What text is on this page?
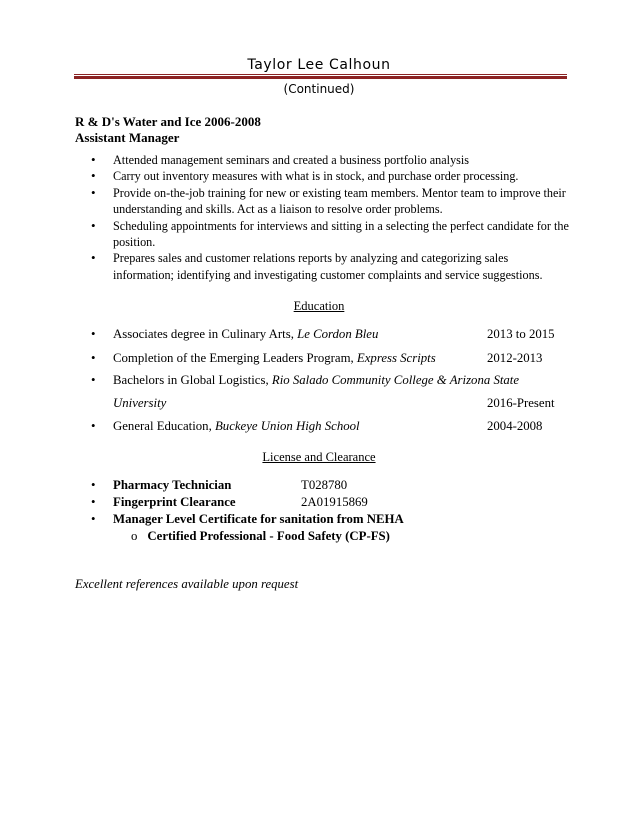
Taylor Lee Calhoun
(Continued)
R & D's Water and Ice 2006-2008
Assistant Manager
• Attended management seminars and created a business portfolio analysis
• Carry out inventory measures with what is in stock, and purchase order processing.
• Provide on-the-job training for new or existing team members. Mentor team to improve their understanding and skills. Act as a liaison to resolve order problems.
• Scheduling appointments for interviews and sitting in a selecting the perfect candidate for the position.
• Prepares sales and customer relations reports by analyzing and categorizing sales information; identifying and investigating customer complaints and service suggestions.
Education
• Associates degree in Culinary Arts, Le Cordon Bleu	2013 to 2015
• Completion of the Emerging Leaders Program, Express Scripts	2012-2013
• Bachelors in Global Logistics, Rio Salado Community College & Arizona State
University	2016-Present
• General Education, Buckeye Union High School	2004-2008
License and Clearance
• Pharmacy Technician	T028780
• Fingerprint Clearance	2A01915869
• Manager Level Certificate for sanitation from NEHA
o Certified Professional - Food Safety (CP-FS)
Excellent references available upon request
